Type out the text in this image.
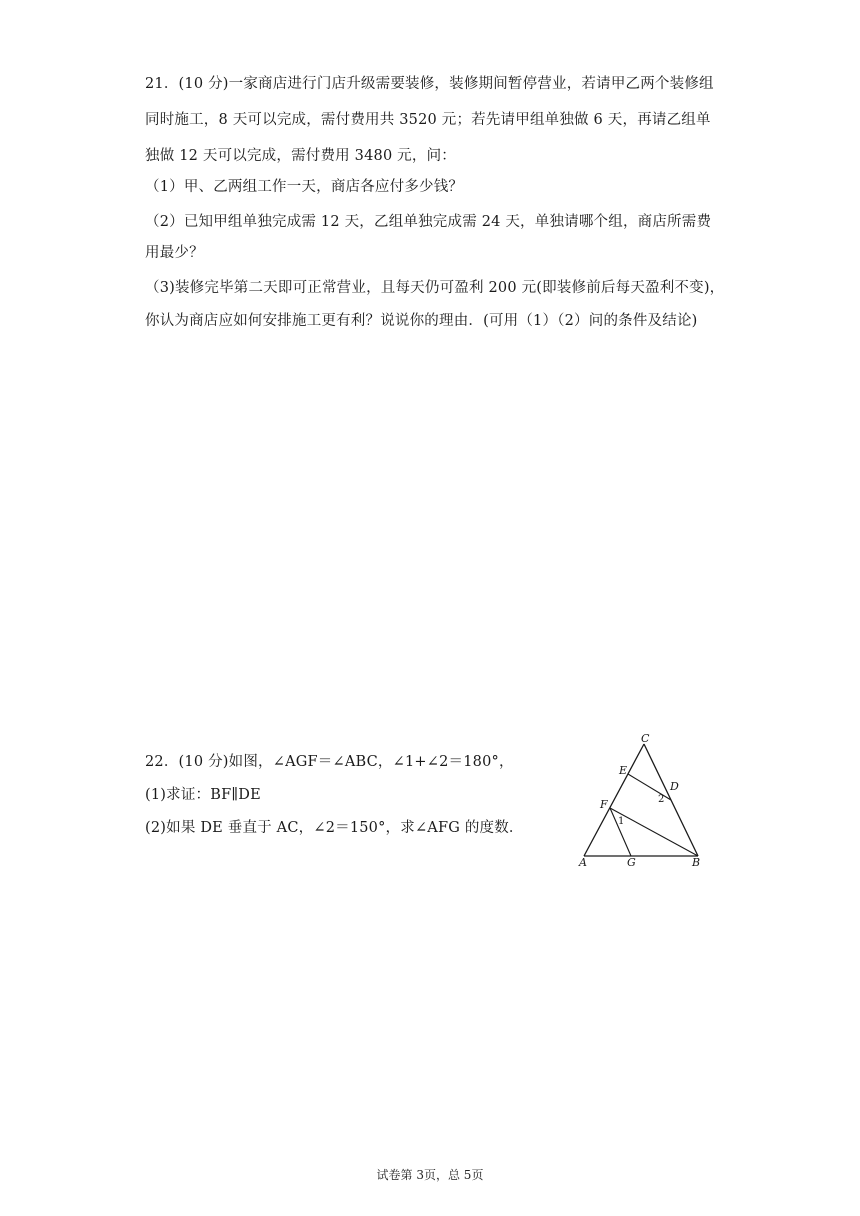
21．(10 分)一家商店进行门店升级需要装修，装修期间暂停营业，若请甲乙两个装修组
同时施工，8 天可以完成，需付费用共 3520 元；若先请甲组单独做 6 天，再请乙组单
独做 12 天可以完成，需付费用 3480 元，问：
（1）甲、乙两组工作一天，商店各应付多少钱？
（2）已知甲组单独完成需 12 天，乙组单独完成需 24 天，单独请哪个组，商店所需费
用最少？
（3)装修完毕第二天即可正常营业，且每天仍可盈利 200 元(即装修前后每天盈利不变)，
你认为商店应如何安排施工更有利？说说你的理由．(可用（1）（2）问的条件及结论)
22．(10 分)如图，∠AGF＝∠ABC，∠1+∠2＝180°，
(1)求证：BF∥DE
(2)如果 DE 垂直于 AC，∠2＝150°，求∠AFG 的度数．
C
E
D
2
F
1
A	G	B
试卷第 3页，总 5页
